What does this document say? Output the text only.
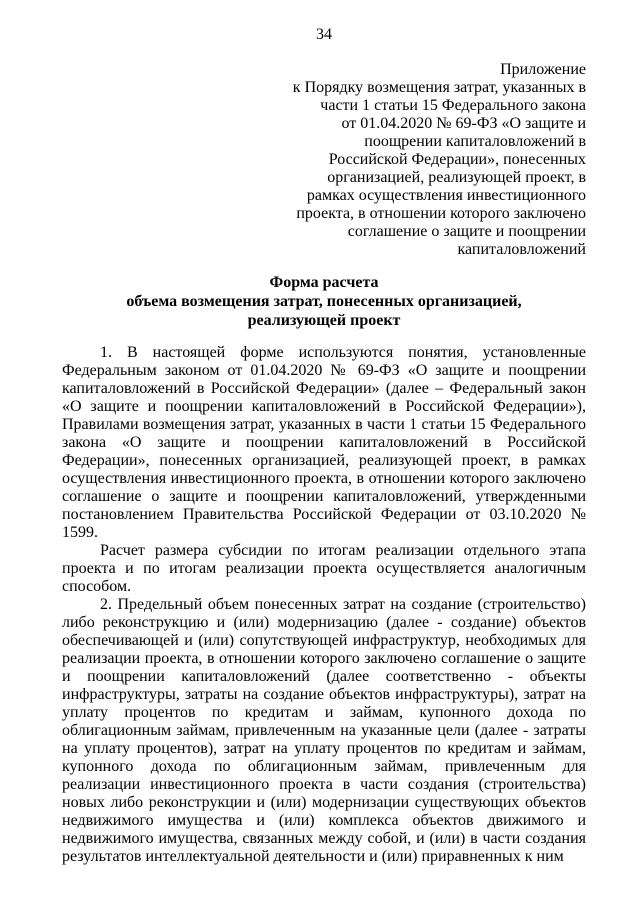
34
Приложение
к Порядку возмещения затрат, указанных в
части 1 статьи 15 Федерального закона
от 01.04.2020 № 69-ФЗ «О защите и
поощрении капиталовложений в
Российской Федерации», понесенных
организацией, реализующей проект, в
рамках осуществления инвестиционного
проекта, в отношении которого заключено
соглашение о защите и поощрении
капиталовложений
Форма расчета
объема возмещения затрат, понесенных организацией,
реализующей проект

1. В настоящей форме используются понятия, установленные Федеральным законом от 01.04.2020 № 69-ФЗ «О защите и поощрении капиталовложений в Российской Федерации» (далее – Федеральный закон «О защите и поощрении капиталовложений в Российской Федерации»), Правилами возмещения затрат, указанных в части 1 статьи 15 Федерального закона «О защите и поощрении капиталовложений в Российской Федерации», понесенных организацией, реализующей проект, в рамках осуществления инвестиционного проекта, в отношении которого заключено соглашение о защите и поощрении капиталовложений, утвержденными постановлением Правительства Российской Федерации от 03.10.2020 № 1599.

Расчет размера субсидии по итогам реализации отдельного этапа проекта и по итогам реализации проекта осуществляется аналогичным способом.

2. Предельный объем понесенных затрат на создание (строительство) либо реконструкцию и (или) модернизацию (далее - создание) объектов обеспечивающей и (или) сопутствующей инфраструктур, необходимых для реализации проекта, в отношении которого заключено соглашение о защите и поощрении капиталовложений (далее соответственно - объекты инфраструктуры, затраты на создание объектов инфраструктуры), затрат на уплату процентов по кредитам и займам, купонного дохода по облигационным займам, привлеченным на указанные цели (далее - затраты на уплату процентов), затрат на уплату процентов по кредитам и займам, купонного дохода по облигационным займам, привлеченным для реализации инвестиционного проекта в части создания (строительства) новых либо реконструкции и (или) модернизации существующих объектов недвижимого имущества и (или) комплекса объектов движимого и недвижимого имущества, связанных между собой, и (или) в части создания результатов интеллектуальной деятельности и (или) приравненных к ним
